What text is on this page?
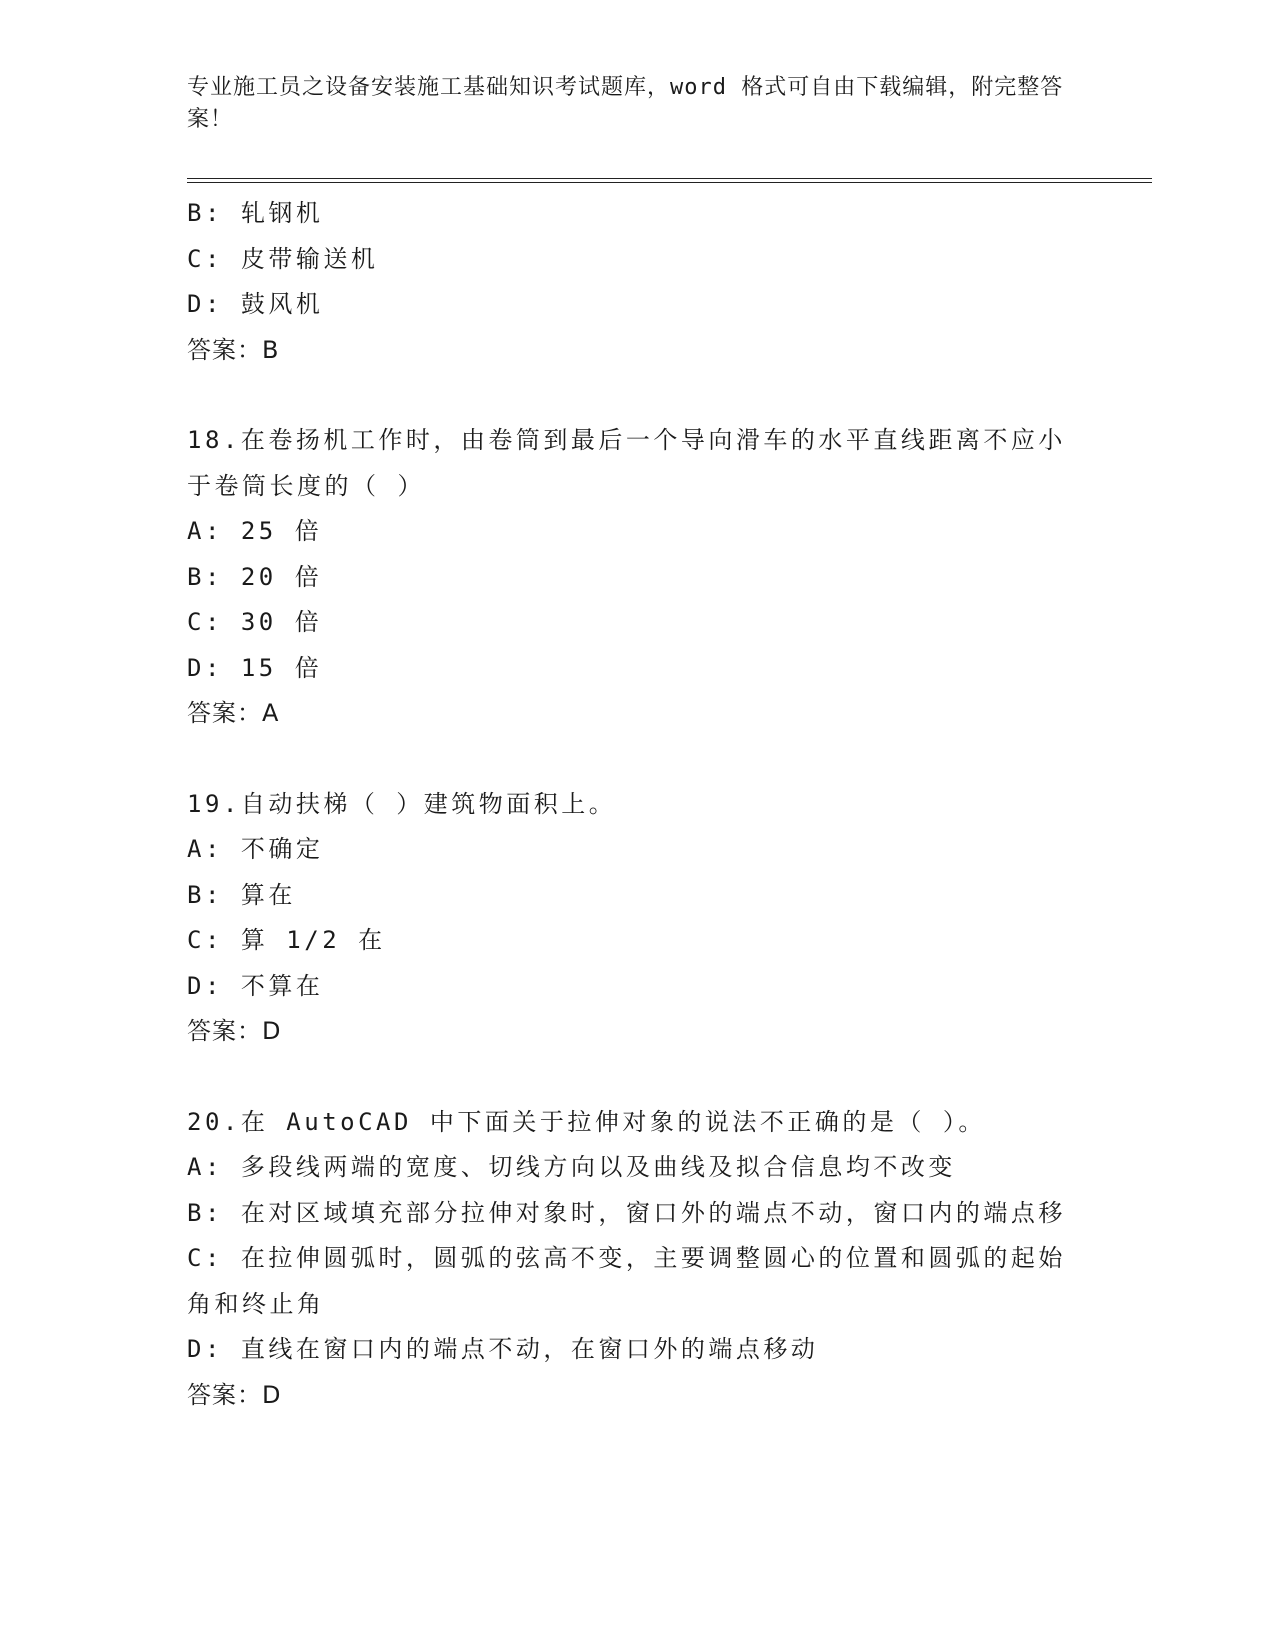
专业施工员之设备安装施工基础知识考试题库，word 格式可自由下载编辑，附完整答案！
B: 轧钢机
C: 皮带输送机
D: 鼓风机
答案：B
18.在卷扬机工作时，由卷筒到最后一个导向滑车的水平直线距离不应小于卷筒长度的（ ）
A: 25 倍
B: 20 倍
C: 30 倍
D: 15 倍
答案：A
19.自动扶梯（ ）建筑物面积上。
A: 不确定
B: 算在
C: 算 1/2 在
D: 不算在
答案：D
20.在 AutoCAD 中下面关于拉伸对象的说法不正确的是（ ）。
A: 多段线两端的宽度、切线方向以及曲线及拟合信息均不改变
B: 在对区域填充部分拉伸对象时，窗口外的端点不动，窗口内的端点移
C: 在拉伸圆弧时，圆弧的弦高不变，主要调整圆心的位置和圆弧的起始角和终止角
D: 直线在窗口内的端点不动，在窗口外的端点移动
答案：D
